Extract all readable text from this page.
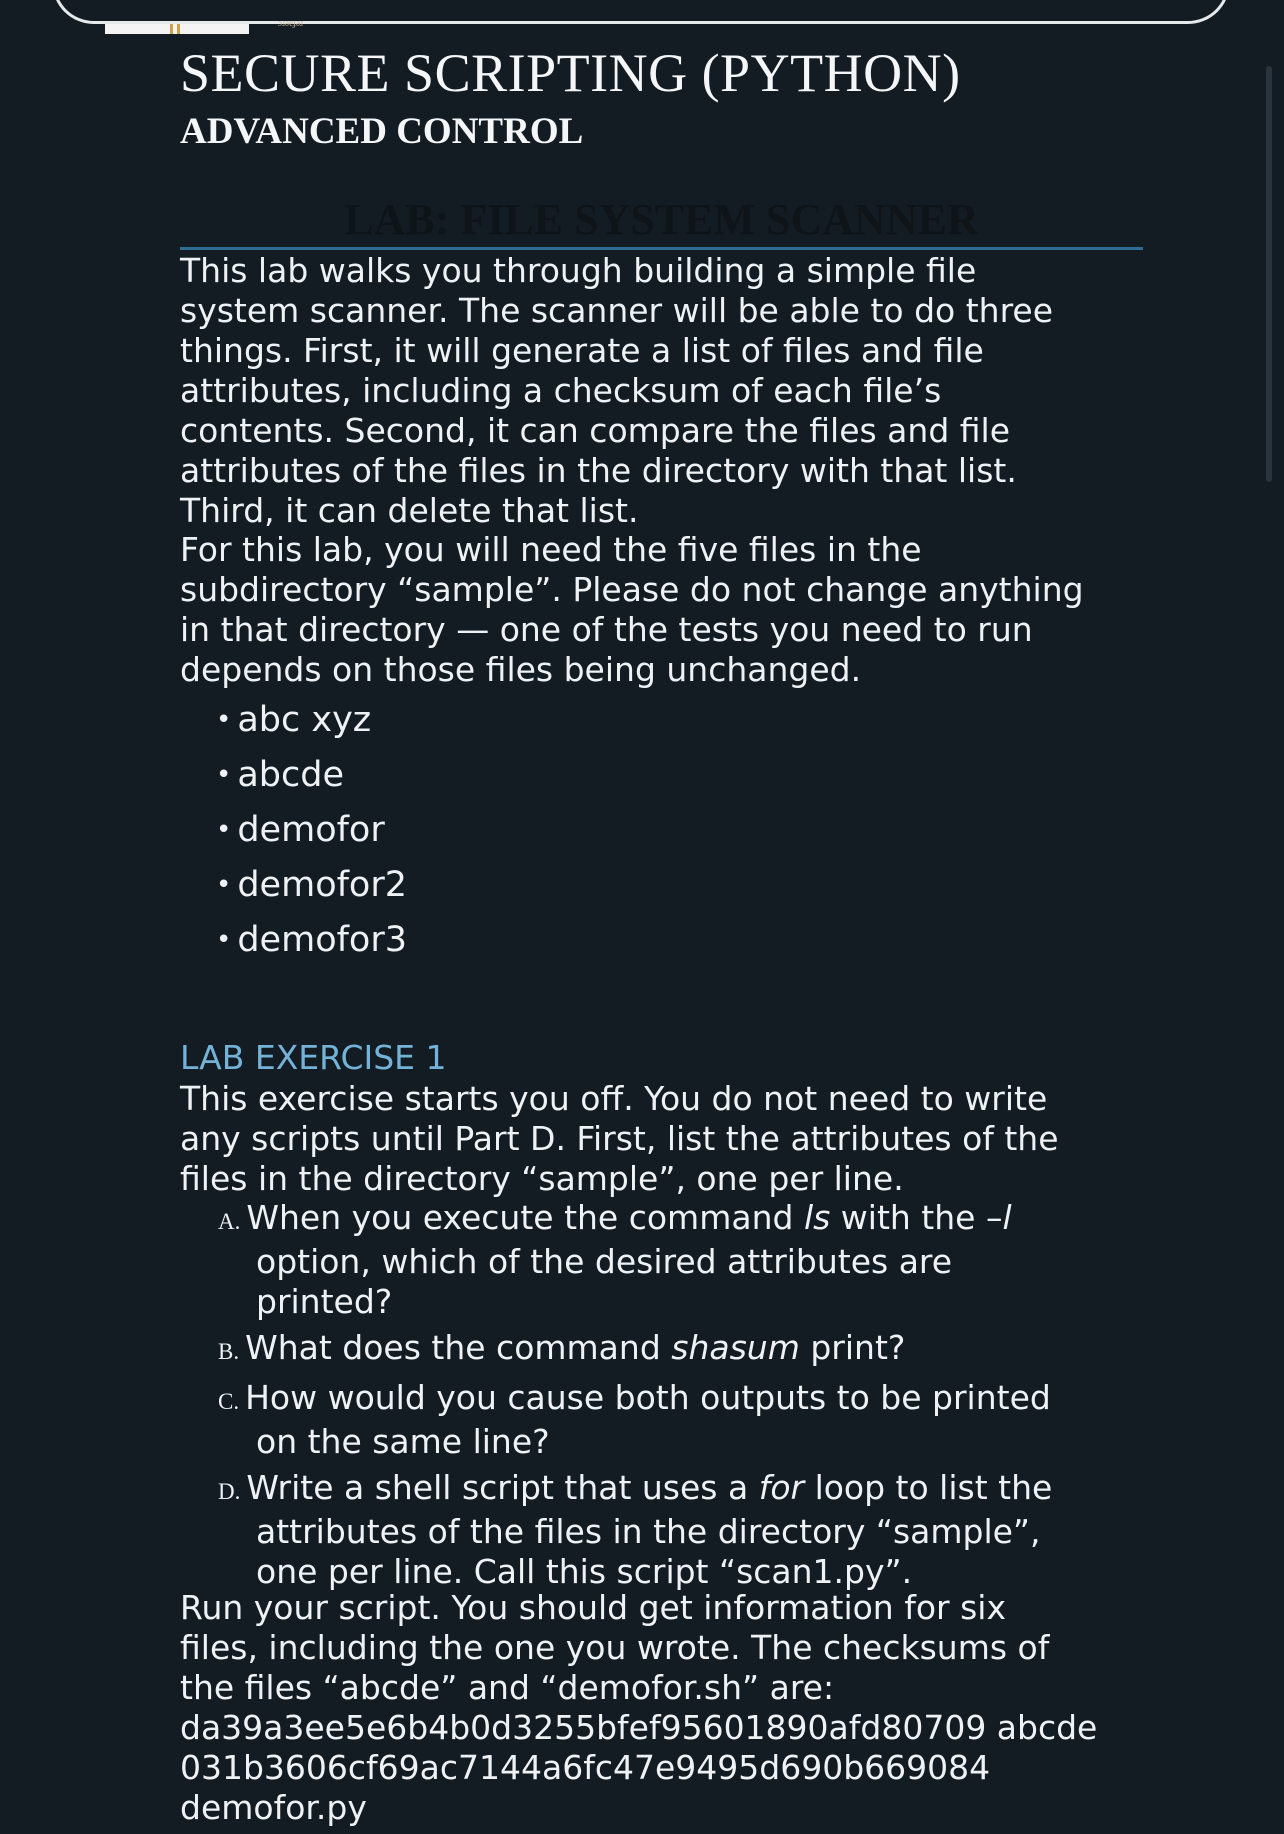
ɔɹǝɐɟǝɹ
SECURE SCRIPTING (PYTHON)
ADVANCED CONTROL
LAB: FILE SYSTEM SCANNER
This lab walks you through building a simple file
system scanner. The scanner will be able to do three
things. First, it will generate a list of files and file
attributes, including a checksum of each file’s
contents. Second, it can compare the files and file
attributes of the files in the directory with that list.
Third, it can delete that list.
For this lab, you will need the five files in the
subdirectory “sample”. Please do not change anything
in that directory — one of the tests you need to run
depends on those files being unchanged.
• abc xyz
• abcde
• demofor
• demofor2
• demofor3
LAB EXERCISE 1
This exercise starts you off. You do not need to write
any scripts until Part D. First, list the attributes of the
files in the directory “sample”, one per line.
A. When you execute the command ls with the –l
option, which of the desired attributes are
printed?
B. What does the command shasum print?
C. How would you cause both outputs to be printed
on the same line?
D. Write a shell script that uses a for loop to list the
attributes of the files in the directory “sample”,
one per line. Call this script “scan1.py”.
Run your script. You should get information for six
files, including the one you wrote. The checksums of
the files “abcde” and “demofor.sh” are:
da39a3ee5e6b4b0d3255bfef95601890afd80709 abcde
031b3606cf69ac7144a6fc47e9495d690b669084
demofor.py
